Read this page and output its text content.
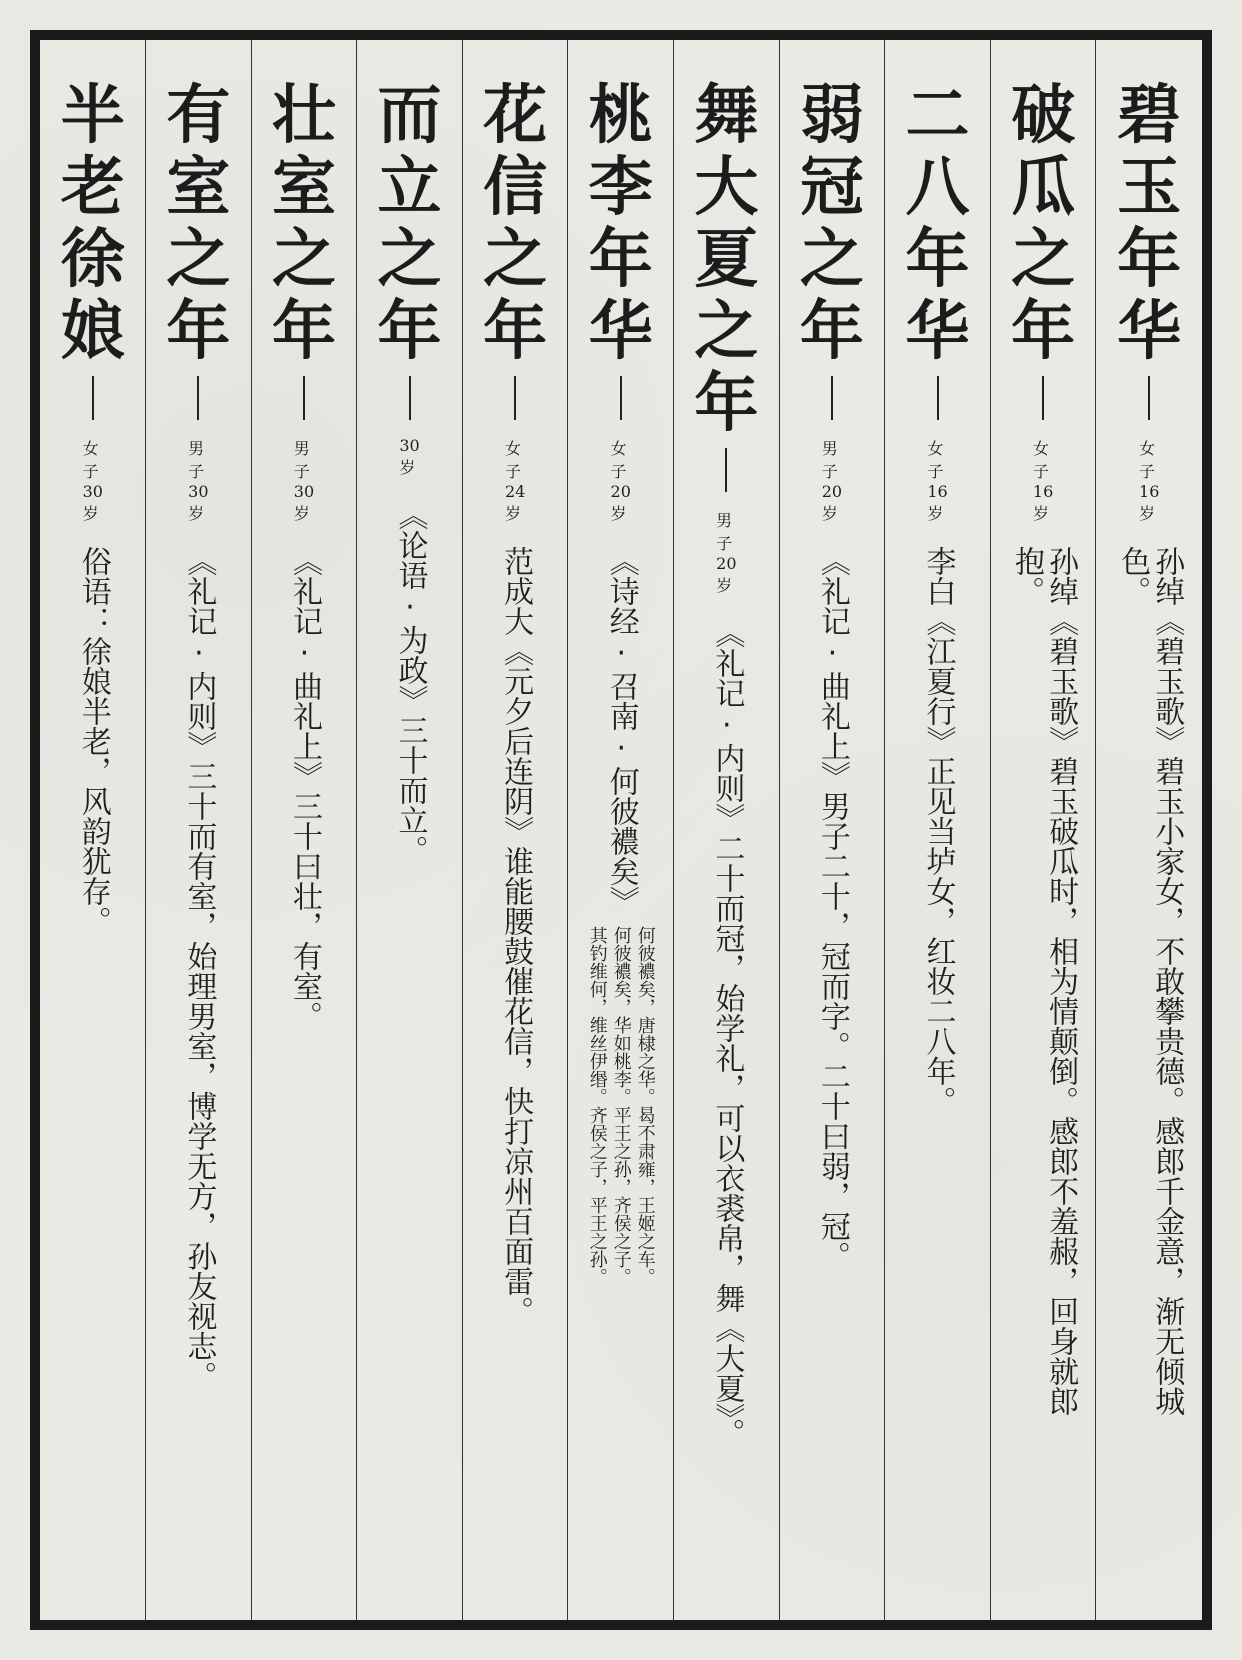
碧
玉
年
华
女
子
16
岁
孙绰《碧玉歌》碧玉小家女，不敢攀贵德。感郎千金意，渐无倾城色。
破
瓜
之
年
女
子
16
岁
孙绰《碧玉歌》碧玉破瓜时，相为情颠倒。感郎不羞赧，回身就郎抱。
二
八
年
华
女
子
16
岁
李白《江夏行》正见当垆女，红妆二八年。
弱
冠
之
年
男
子
20
岁
《礼记·曲礼上》男子二十，冠而字。二十曰弱，冠。
舞
大
夏
之
年
男
子
20
岁
《礼记·内则》二十而冠，始学礼，可以衣裘帛，舞《大夏》。
桃
李
年
华
女
子
20
岁
《诗经·召南·何彼襛矣》
何彼襛矣，唐棣之华。曷不肃雍，王姬之车。
何彼襛矣，华如桃李。平王之孙，齐侯之子。
其钓维何，维丝伊缗。齐侯之子，平王之孙。
花
信
之
年
女
子
24
岁
范成大《元夕后连阴》谁能腰鼓催花信，快打凉州百面雷。
而
立
之
年
30
岁
《论语·为政》三十而立。
壮
室
之
年
男
子
30
岁
《礼记·曲礼上》三十曰壮，有室。
有
室
之
年
男
子
30
岁
《礼记·内则》三十而有室，始理男室，博学无方，孙友视志。
半
老
徐
娘
女
子
30
岁
俗语：徐娘半老，风韵犹存。
